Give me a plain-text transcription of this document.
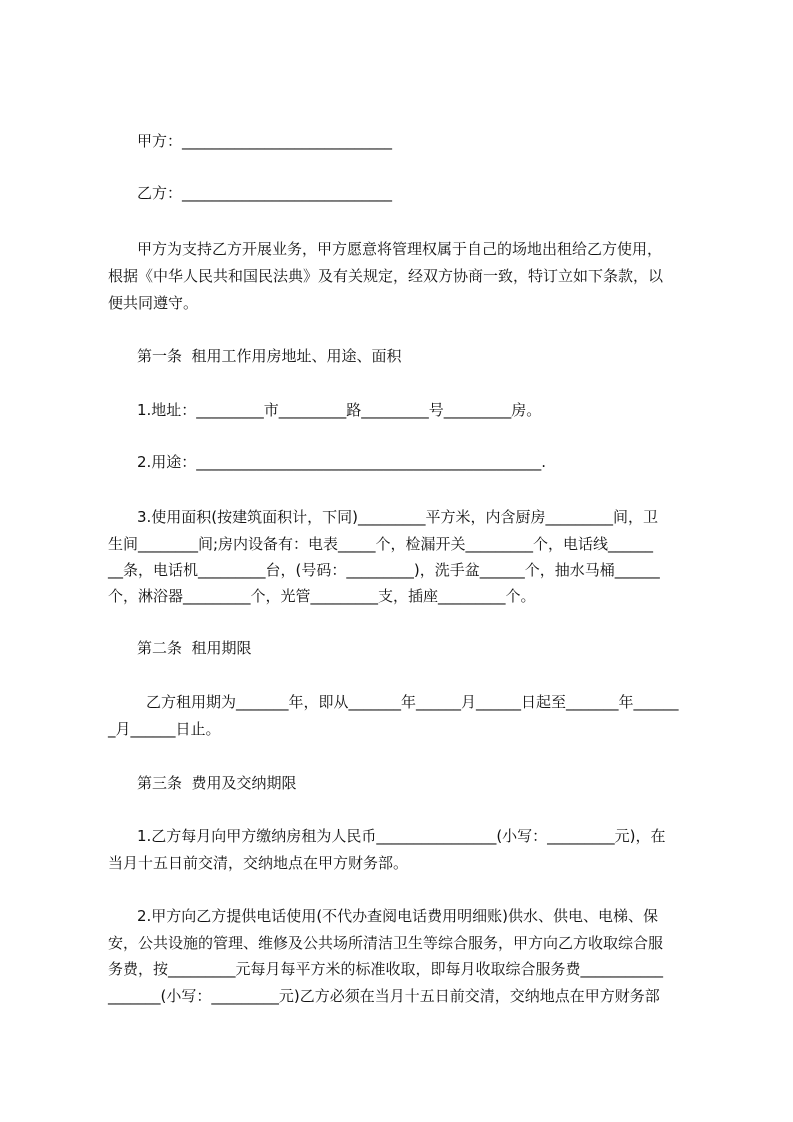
甲方：____________________________
乙方：____________________________
甲方为支持乙方开展业务，甲方愿意将管理权属于自己的场地出租给乙方使用，
根据《中华人民共和国民法典》及有关规定，经双方协商一致，特订立如下条款，以
便共同遵守。
第一条  租用工作用房地址、用途、面积
1.地址：_________市_________路_________号_________房。
2.用途：______________________________________________.
3.使用面积(按建筑面积计，下同)_________平方米，内含厨房_________间，卫
生间________间;房内设备有：电表_____个，检漏开关_________个，电话线______
__条，电话机_________台，(号码：_________)，洗手盆______个，抽水马桶______
个，淋浴器_________个，光管_________支，插座_________个。
第二条  租用期限
乙方租用期为_______年，即从_______年______月______日起至_______年______
_月______日止。
第三条  费用及交纳期限
1.乙方每月向甲方缴纳房租为人民币________________(小写：_________元)，在
当月十五日前交清，交纳地点在甲方财务部。
2.甲方向乙方提供电话使用(不代办查阅电话费用明细账)供水、供电、电梯、保
安，公共设施的管理、维修及公共场所清洁卫生等综合服务，甲方向乙方收取综合服
务费，按_________元每月每平方米的标准收取，即每月收取综合服务费___________
_______(小写：_________元)乙方必须在当月十五日前交清，交纳地点在甲方财务部
